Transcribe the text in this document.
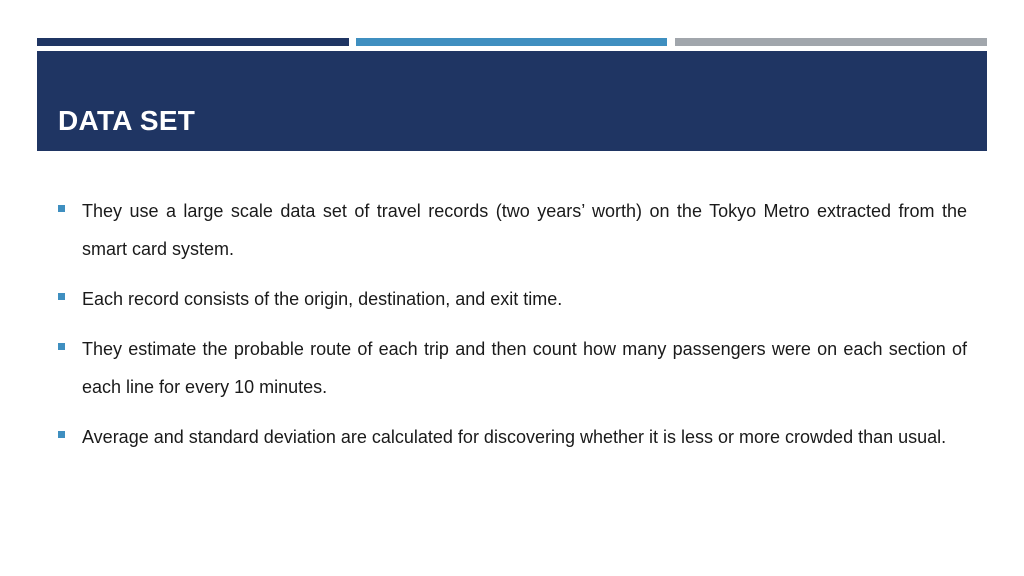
DATA SET
They use a large scale data set of travel records (two years’ worth) on the Tokyo Metro extracted from the smart card system.
Each record consists of the origin, destination, and exit time.
They estimate the probable route of each trip and then count how many passengers were on each section of each line for every 10 minutes.
Average and standard deviation are calculated for discovering whether it is less or more crowded than usual.
